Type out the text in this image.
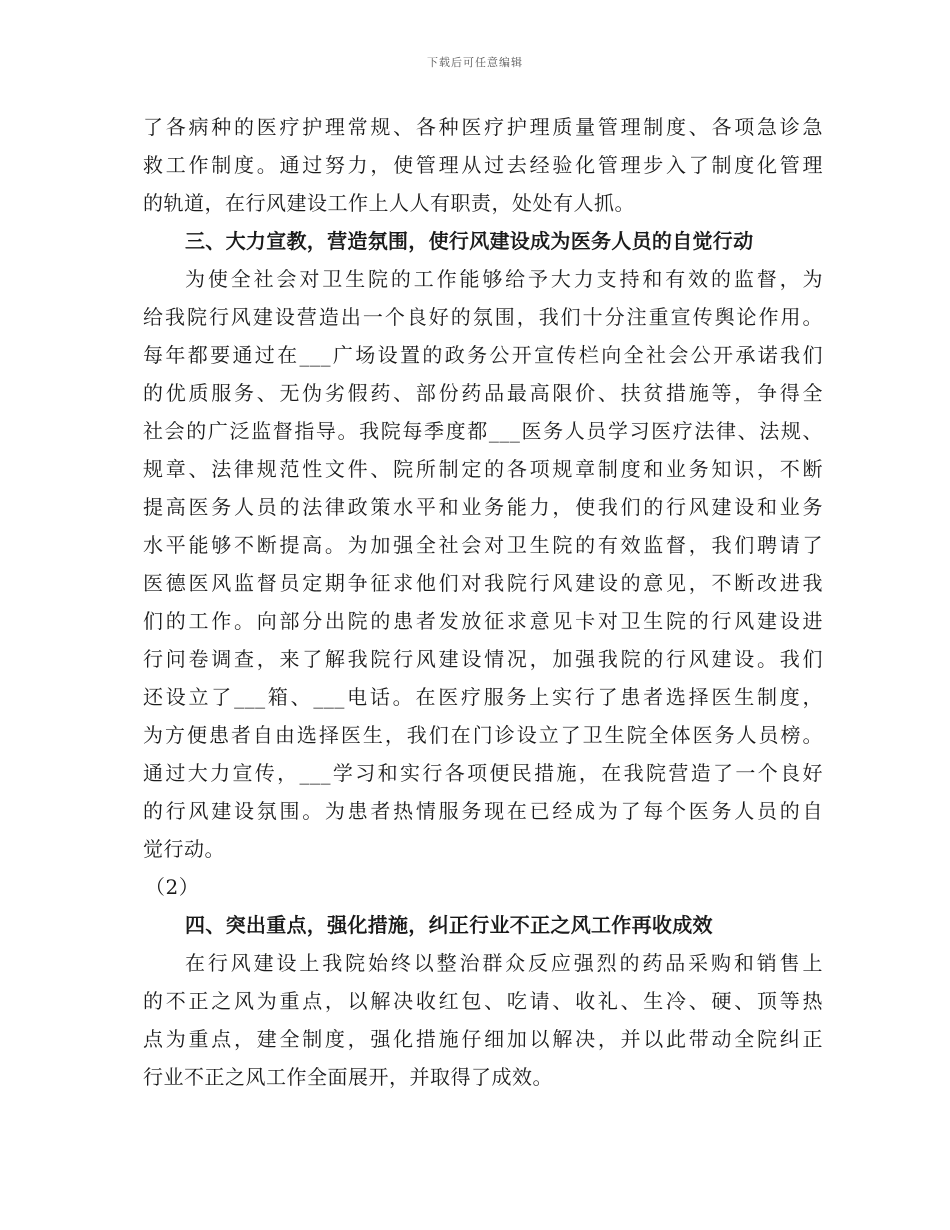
下载后可任意编辑
了各病种的医疗护理常规、各种医疗护理质量管理制度、各项急诊急
救工作制度。通过努力，使管理从过去经验化管理步入了制度化管理
的轨道，在行风建设工作上人人有职责，处处有人抓。
三、大力宣教，营造氛围，使行风建设成为医务人员的自觉行动
为使全社会对卫生院的工作能够给予大力支持和有效的监督，为
给我院行风建设营造出一个良好的氛围，我们十分注重宣传舆论作用。
每年都要通过在___广场设置的政务公开宣传栏向全社会公开承诺我们
的优质服务、无伪劣假药、部份药品最高限价、扶贫措施等，争得全
社会的广泛监督指导。我院每季度都___医务人员学习医疗法律、法规、
规章、法律规范性文件、院所制定的各项规章制度和业务知识，不断
提高医务人员的法律政策水平和业务能力，使我们的行风建设和业务
水平能够不断提高。为加强全社会对卫生院的有效监督，我们聘请了
医德医风监督员定期争征求他们对我院行风建设的意见，不断改进我
们的工作。向部分出院的患者发放征求意见卡对卫生院的行风建设进
行问卷调查，来了解我院行风建设情况，加强我院的行风建设。我们
还设立了___箱、___电话。在医疗服务上实行了患者选择医生制度，
为方便患者自由选择医生，我们在门诊设立了卫生院全体医务人员榜。
通过大力宣传，___学习和实行各项便民措施，在我院营造了一个良好
的行风建设氛围。为患者热情服务现在已经成为了每个医务人员的自
觉行动。
（2）
四、突出重点，强化措施，纠正行业不正之风工作再收成效
在行风建设上我院始终以整治群众反应强烈的药品采购和销售上
的不正之风为重点，以解决收红包、吃请、收礼、生冷、硬、顶等热
点为重点，建全制度，强化措施仔细加以解决，并以此带动全院纠正
行业不正之风工作全面展开，并取得了成效。
